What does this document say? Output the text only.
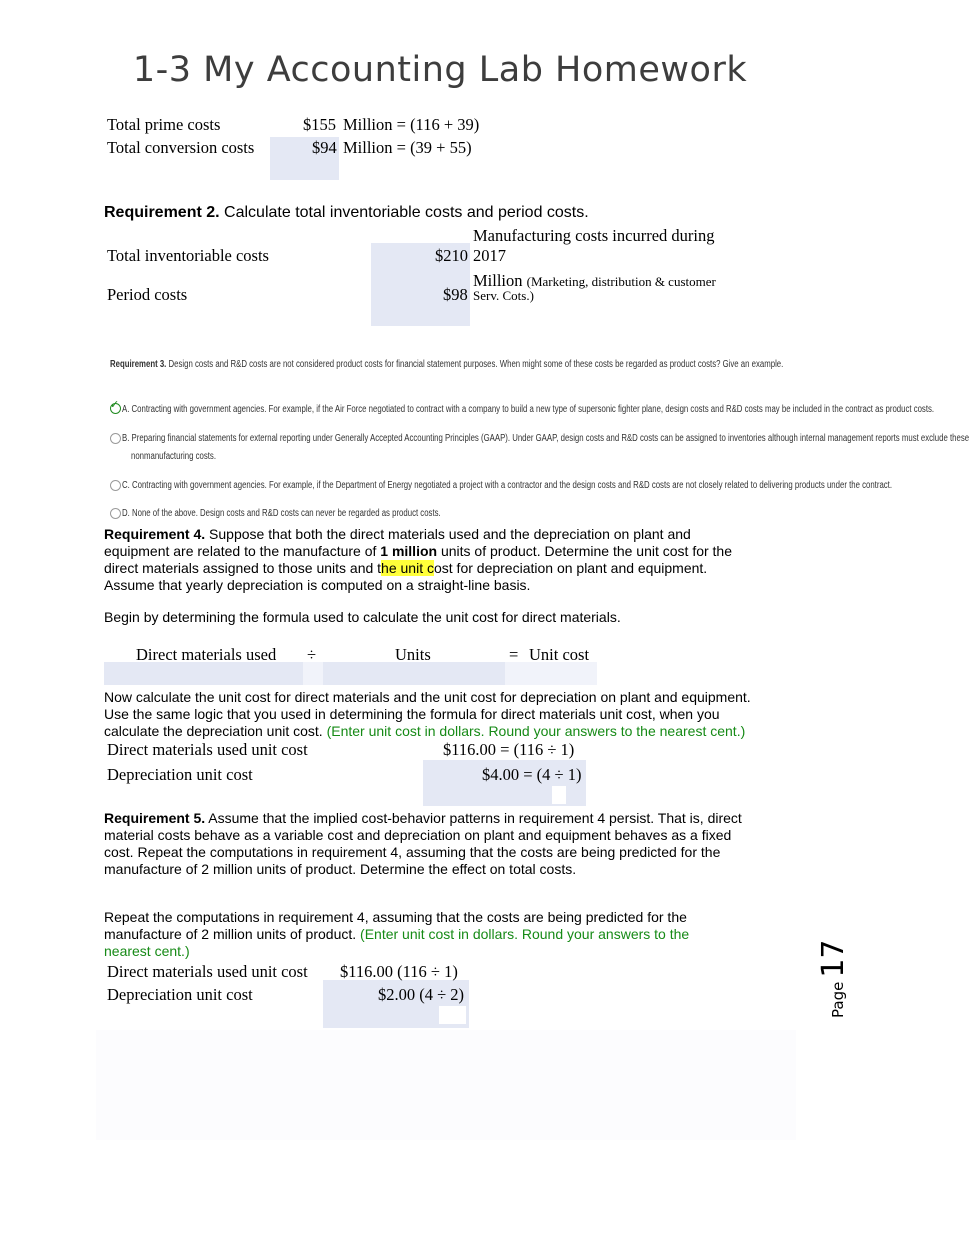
1-3 My Accounting Lab Homework
Total prime costs	$155 Million = (116 + 39)
Total conversion costs	$94 Million = (39 + 55)
Requirement 2. Calculate total inventoriable costs and period costs.
Manufacturing costs incurred during
Total inventoriable costs	$210 2017
Million (Marketing, distribution & customer
Period costs	$98 Serv. Cots.)
Requirement 3. Design costs and R&D costs are not considered product costs for financial statement purposes. When might some of these costs be regarded as product costs? Give an example.
✓ A. Contracting with government agencies. For example, if the Air Force negotiated to contract with a company to build a new type of supersonic fighter plane, design costs and R&D costs may be included in the contract as product costs.
B. Preparing financial statements for external reporting under Generally Accepted Accounting Principles (GAAP). Under GAAP, design costs and R&D costs can be assigned to inventories although internal management reports must exclude these
nonmanufacturing costs.
C. Contracting with government agencies. For example, if the Department of Energy negotiated a project with a contractor and the design costs and R&D costs are not closely related to delivering products under the contract.
D. None of the above. Design costs and R&D costs can never be regarded as product costs.
Requirement 4. Suppose that both the direct materials used and the depreciation on plant and
equipment are related to the manufacture of 1 million units of product. Determine the unit cost for the
direct materials assigned to those units and the unit cost for depreciation on plant and equipment.
Assume that yearly depreciation is computed on a straight-line basis.
Begin by determining the formula used to calculate the unit cost for direct materials.
Direct materials used ÷	Units	= Unit cost
Now calculate the unit cost for direct materials and the unit cost for depreciation on plant and equipment.
Use the same logic that you used in determining the formula for direct materials unit cost, when you
calculate the depreciation unit cost. (Enter unit cost in dollars. Round your answers to the nearest cent.)
Direct materials used unit cost	$116.00 = (116 ÷ 1)
Depreciation unit cost	$4.00 = (4 ÷ 1)
Requirement 5. Assume that the implied cost-behavior patterns in requirement 4 persist. That is, direct
material costs behave as a variable cost and depreciation on plant and equipment behaves as a fixed
cost. Repeat the computations in requirement 4, assuming that the costs are being predicted for the
manufacture of 2 million units of product. Determine the effect on total costs.
Repeat the computations in requirement 4, assuming that the costs are being predicted for the
manufacture of 2 million units of product. (Enter unit cost in dollars. Round your answers to the
nearest cent.)
Direct materials used unit cost $116.00 (116 ÷ 1)
Depreciation unit cost	$2.00 (4 ÷ 2)	Page 17
